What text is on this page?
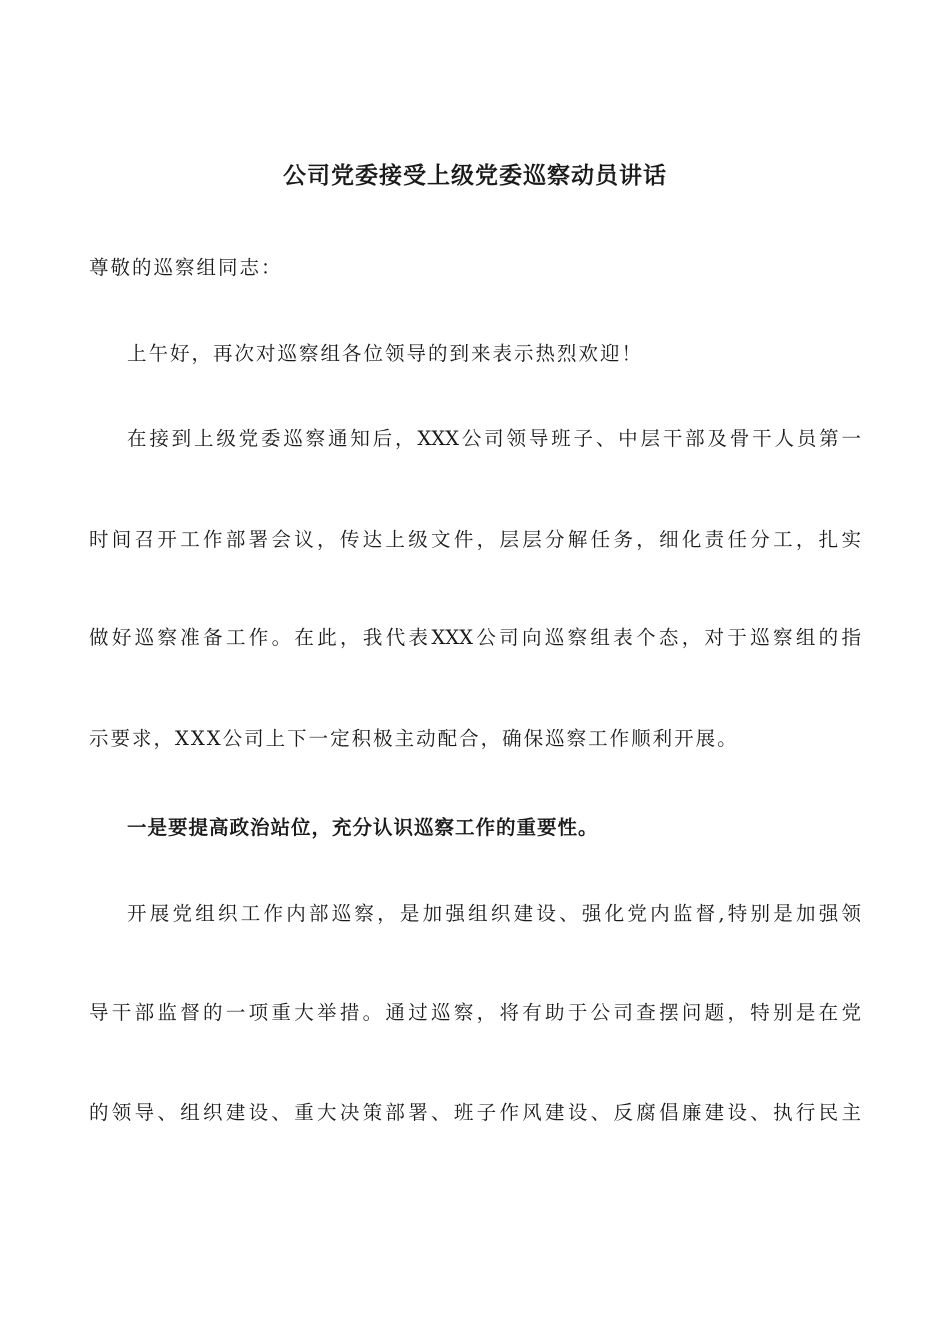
公司党委接受上级党委巡察动员讲话
尊敬的巡察组同志：
上午好，再次对巡察组各位领导的到来表示热烈欢迎！
在接到上级党委巡察通知后，XXX公司领导班子、中层干部及骨干人员第一
时间召开工作部署会议，传达上级文件，层层分解任务，细化责任分工，扎实
做好巡察准备工作。在此，我代表XXX公司向巡察组表个态，对于巡察组的指
示要求，XXX公司上下一定积极主动配合，确保巡察工作顺利开展。
一是要提高政治站位，充分认识巡察工作的重要性。
开展党组织工作内部巡察，是加强组织建设、强化党内监督,特别是加强领
导干部监督的一项重大举措。通过巡察，将有助于公司查摆问题，特别是在党
的领导、组织建设、重大决策部署、班子作风建设、反腐倡廉建设、执行民主
